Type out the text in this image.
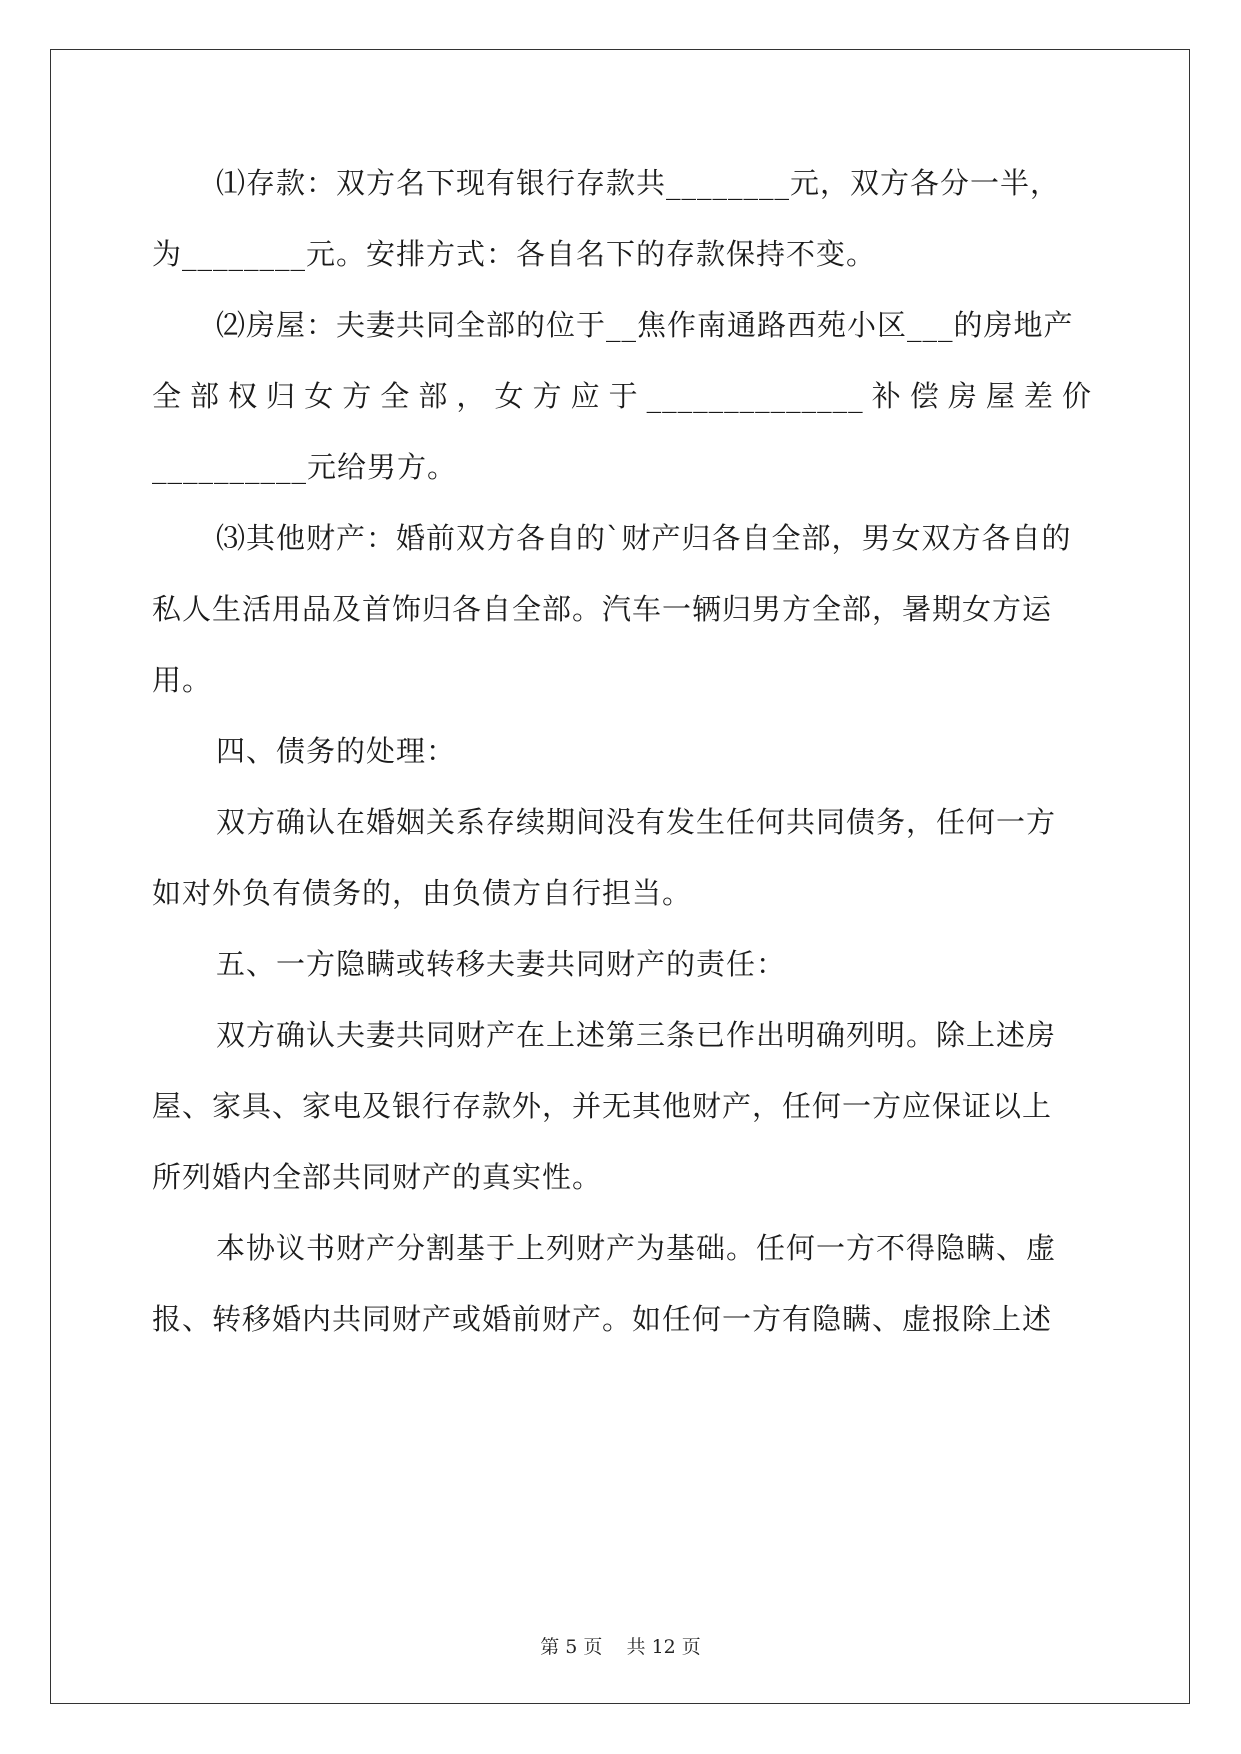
⑴存款：双方名下现有银行存款共________元，双方各分一半，
为________元。安排方式：各自名下的存款保持不变。
⑵房屋：夫妻共同全部的位于__焦作南通路西苑小区___的房地产
全部权归女方全部，女方应于______________补偿房屋差价
__________元给男方。
⑶其他财产：婚前双方各自的`财产归各自全部，男女双方各自的
私人生活用品及首饰归各自全部。汽车一辆归男方全部，暑期女方运
用。
四、债务的处理：
双方确认在婚姻关系存续期间没有发生任何共同债务，任何一方
如对外负有债务的，由负债方自行担当。
五、一方隐瞒或转移夫妻共同财产的责任：
双方确认夫妻共同财产在上述第三条已作出明确列明。除上述房
屋、家具、家电及银行存款外，并无其他财产，任何一方应保证以上
所列婚内全部共同财产的真实性。
本协议书财产分割基于上列财产为基础。任何一方不得隐瞒、虚
报、转移婚内共同财产或婚前财产。如任何一方有隐瞒、虚报除上述
第 5 页 共 12 页
